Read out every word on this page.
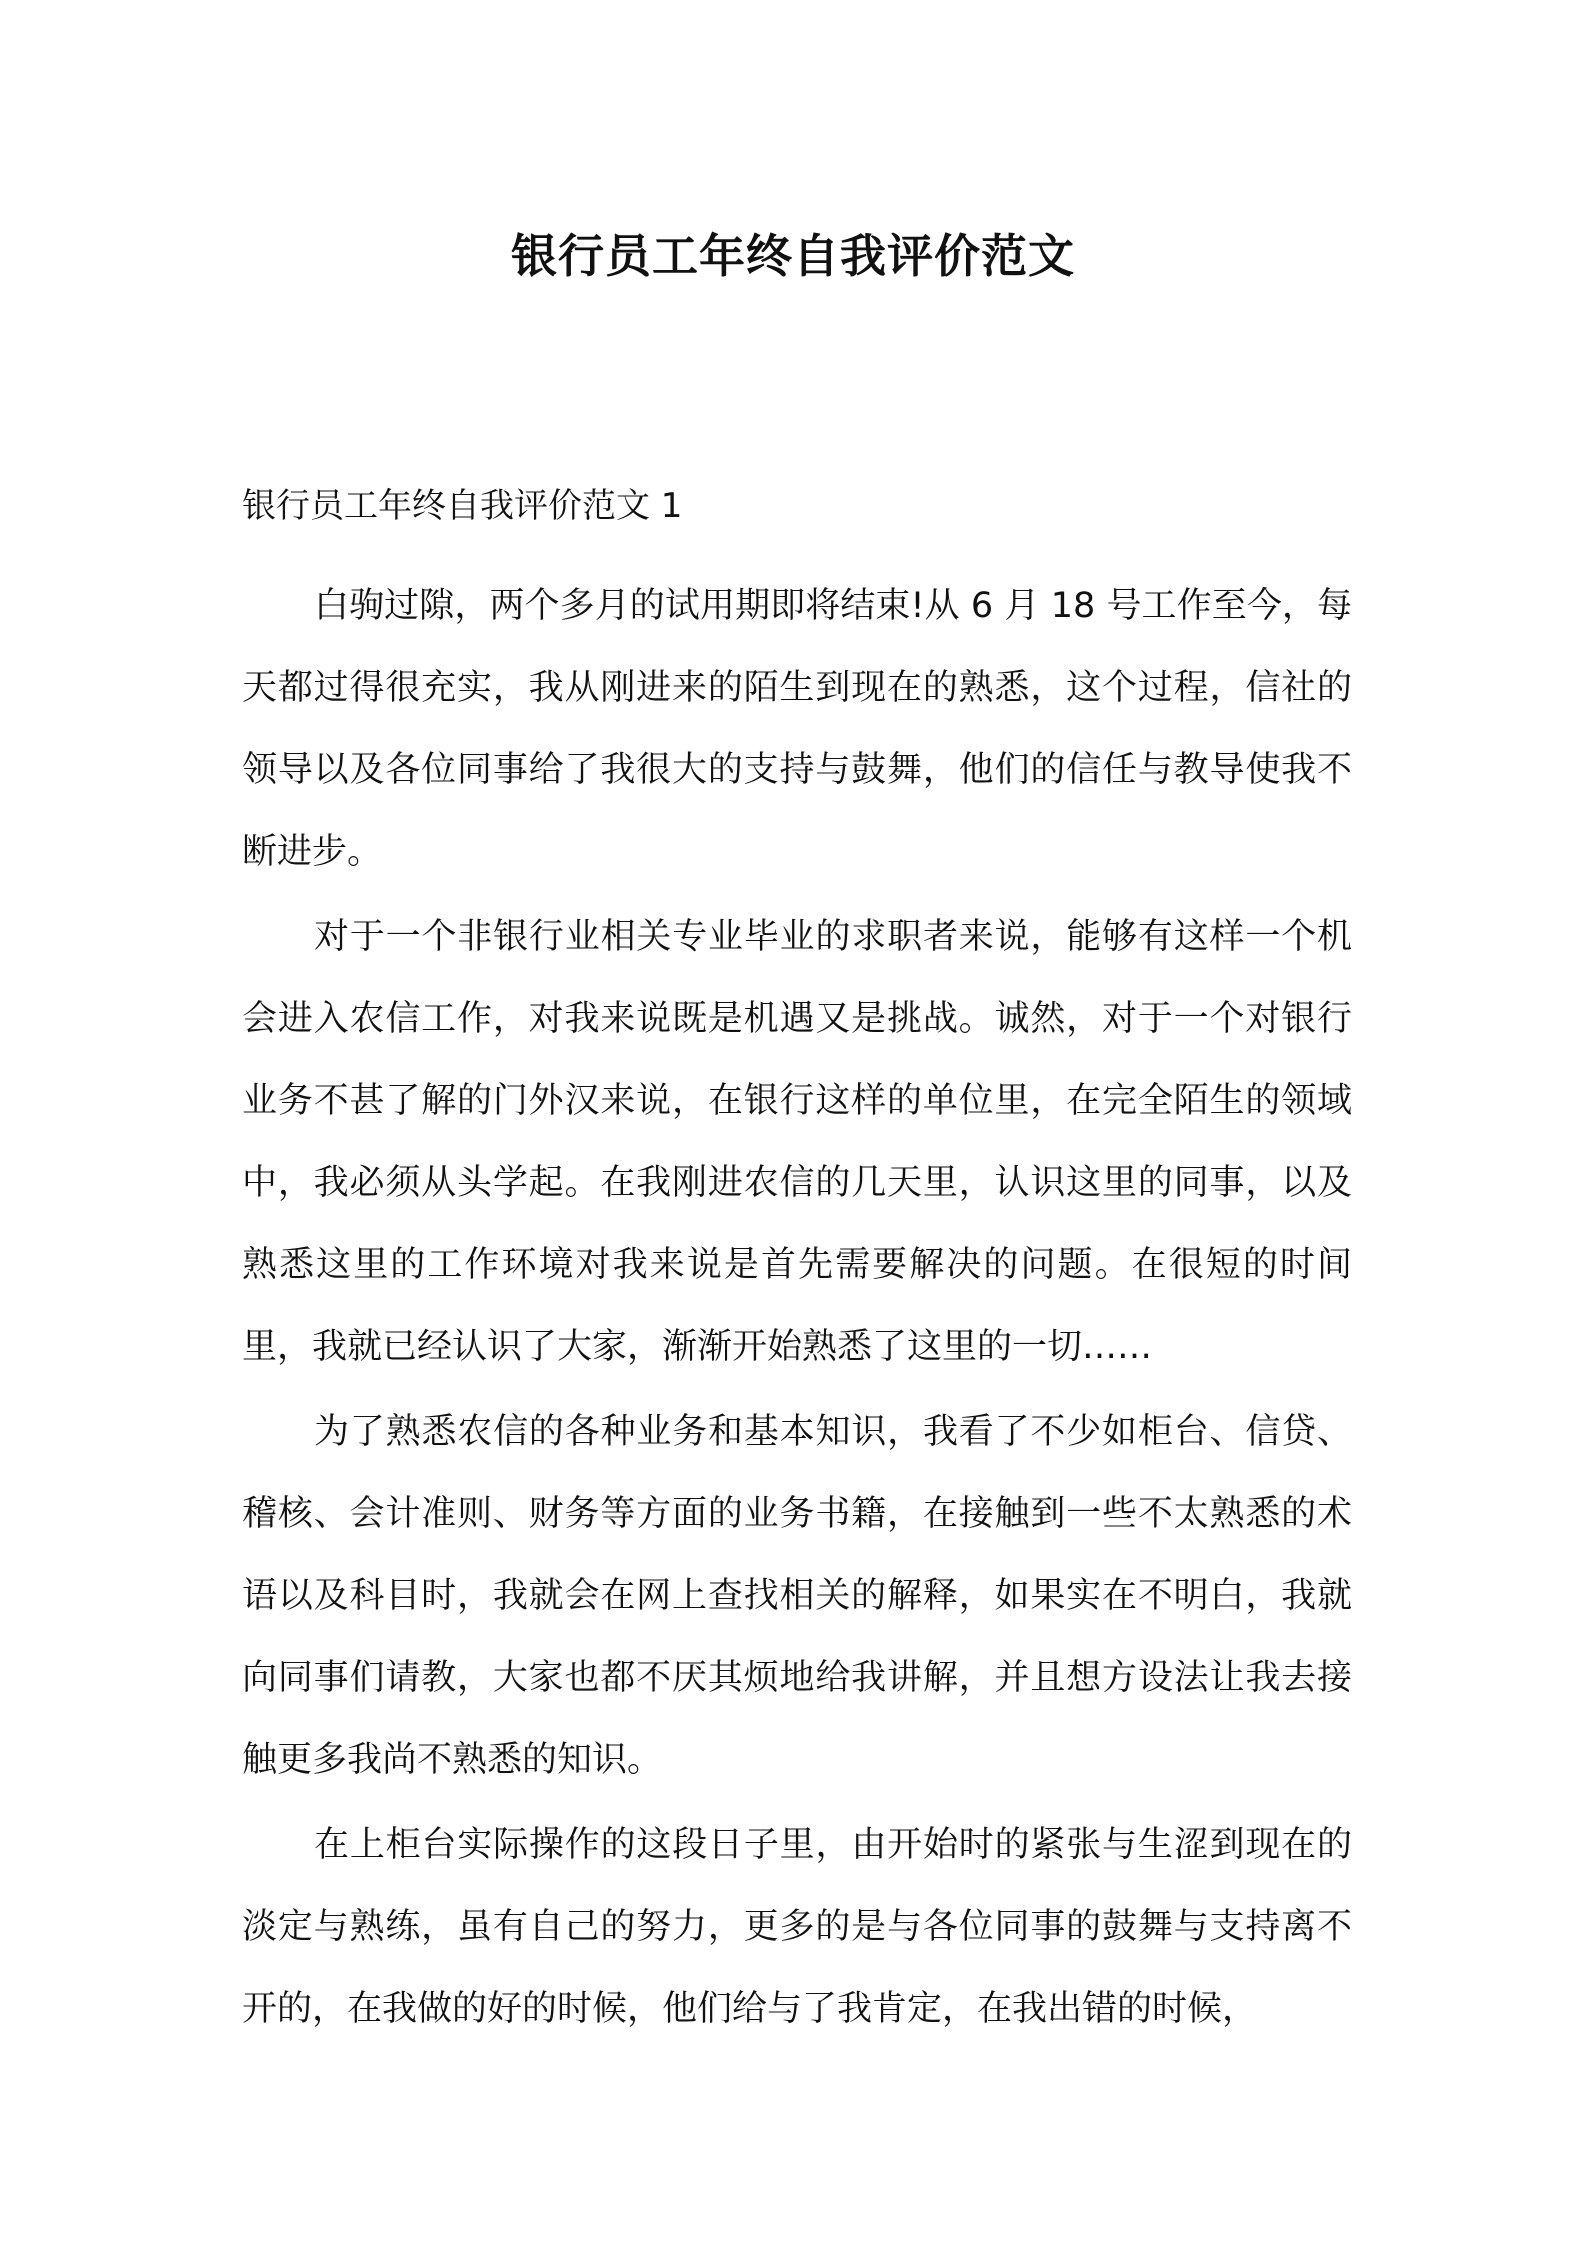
银行员工年终自我评价范文
银行员工年终自我评价范文 1

白驹过隙，两个多月的试用期即将结束!从 6 月 18 号工作至今，每天都过得很充实，我从刚进来的陌生到现在的熟悉，这个过程，信社的领导以及各位同事给了我很大的支持与鼓舞，他们的信任与教导使我不断进步。

对于一个非银行业相关专业毕业的求职者来说，能够有这样一个机会进入农信工作，对我来说既是机遇又是挑战。诚然，对于一个对银行业务不甚了解的门外汉来说，在银行这样的单位里，在完全陌生的领域中，我必须从头学起。在我刚进农信的几天里，认识这里的同事，以及熟悉这里的工作环境对我来说是首先需要解决的问题。在很短的时间里，我就已经认识了大家，渐渐开始熟悉了这里的一切……

为了熟悉农信的各种业务和基本知识，我看了不少如柜台、信贷、稽核、会计准则、财务等方面的业务书籍，在接触到一些不太熟悉的术语以及科目时，我就会在网上查找相关的解释，如果实在不明白，我就向同事们请教，大家也都不厌其烦地给我讲解，并且想方设法让我去接触更多我尚不熟悉的知识。

在上柜台实际操作的这段日子里，由开始时的紧张与生涩到现在的淡定与熟练，虽有自己的努力，更多的是与各位同事的鼓舞与支持离不开的，在我做的好的时候，他们给与了我肯定，在我出错的时候，
